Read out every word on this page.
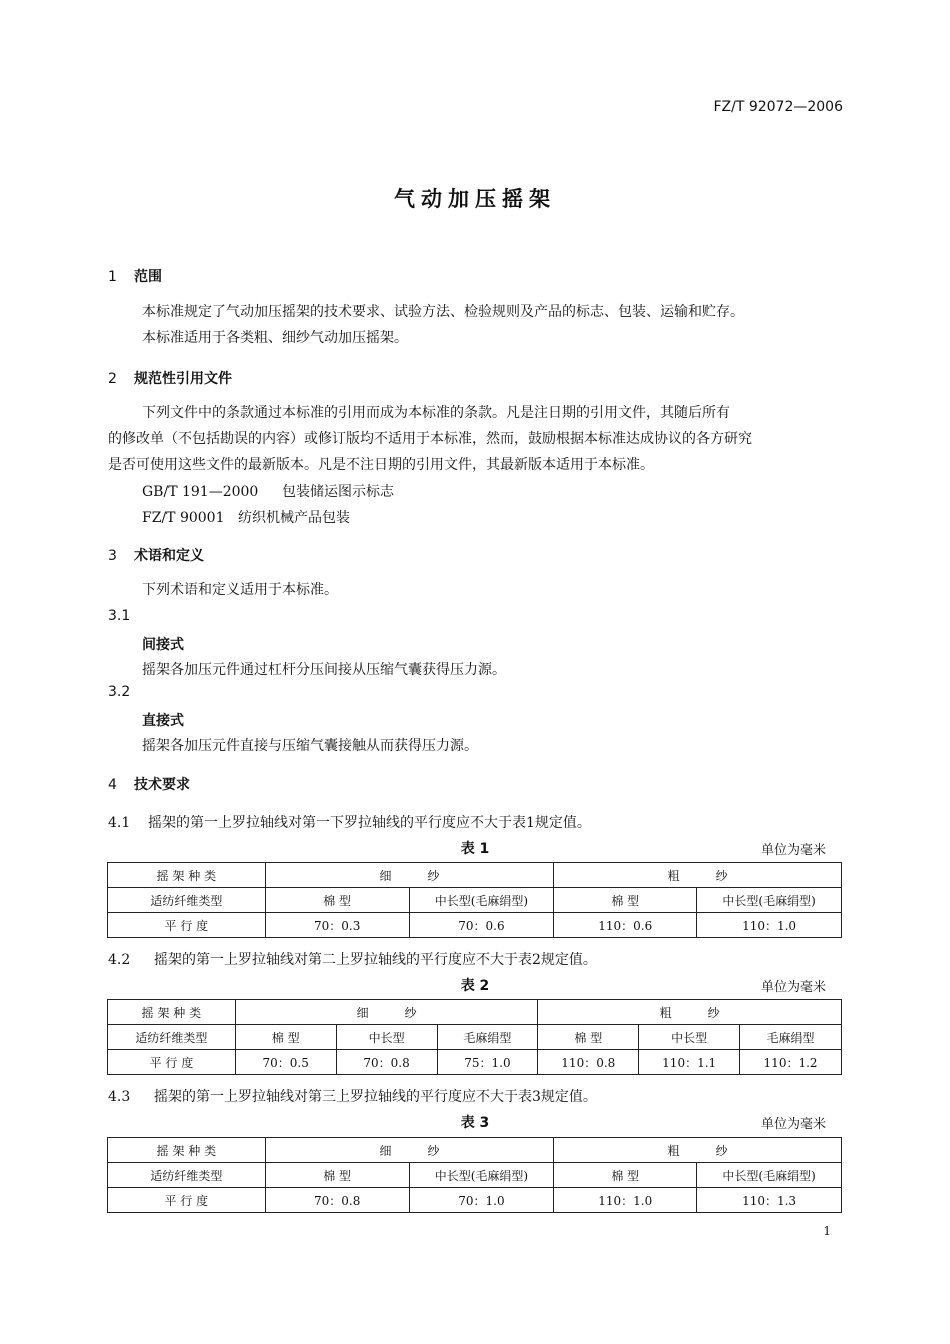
FZ/T 92072—2006
气动加压摇架
1 范围
本标准规定了气动加压摇架的技术要求、试验方法、检验规则及产品的标志、包装、运输和贮存。
本标准适用于各类粗、细纱气动加压摇架。
2 规范性引用文件
下列文件中的条款通过本标准的引用而成为本标准的条款。凡是注日期的引用文件，其随后所有
的修改单（不包括勘误的内容）或修订版均不适用于本标准，然而，鼓励根据本标准达成协议的各方研究
是否可使用这些文件的最新版本。凡是不注日期的引用文件，其最新版本适用于本标准。
GB/T 191—2000 包装储运图示标志
FZ/T 90001 纺织机械产品包装
3 术语和定义
下列术语和定义适用于本标准。
3.1
间接式
摇架各加压元件通过杠杆分压间接从压缩气囊获得压力源。
3.2
直接式
摇架各加压元件直接与压缩气囊接触从而获得压力源。
4 技术要求
4.1 摇架的第一上罗拉轴线对第一下罗拉轴线的平行度应不大于表1规定值。
表 1	单位为毫米
摇 架 种 类	细　　　纱		粗　　　纱	
适纺纤维类型	棉 型	中长型(毛麻绢型)	棉 型	中长型(毛麻绢型)
平 行 度	70：0.3	70：0.6	110：0.6	110：1.0
4.2 摇架的第一上罗拉轴线对第二上罗拉轴线的平行度应不大于表2规定值。
表 2	单位为毫米
摇 架 种 类	细　　　纱			粗　　　纱		
适纺纤维类型	棉 型	中长型	毛麻绢型	棉 型	中长型	毛麻绢型
平 行 度	70：0.5	70：0.8	75：1.0	110：0.8	110：1.1	110：1.2
4.3 摇架的第一上罗拉轴线对第三上罗拉轴线的平行度应不大于表3规定值。
表 3	单位为毫米
摇 架 种 类	细　　　纱		粗　　　纱	
适纺纤维类型	棉 型	中长型(毛麻绢型)	棉 型	中长型(毛麻绢型)
平 行 度	70：0.8	70：1.0	110：1.0	110：1.3
1
